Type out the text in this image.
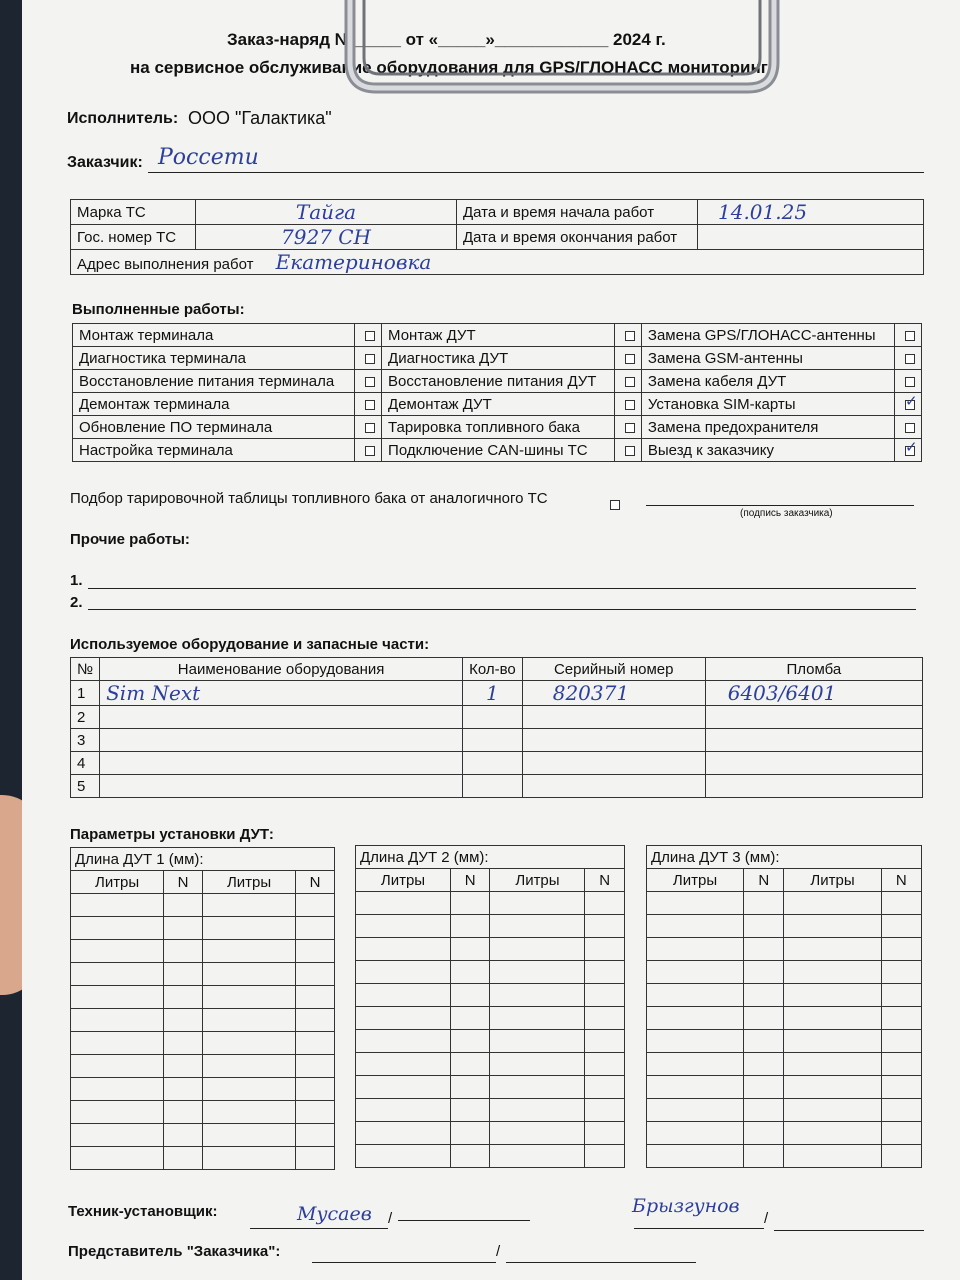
Заказ-наряд №_____ от «_____»____________ 2024 г.
на сервисное обслуживание оборудования для GPS/ГЛОНАСС мониторинга
Исполнитель: ООО "Галактика"
Заказчик: Россети
Марка ТС	Тайга	Дата и время начала работ	14.01.25
Гос. номер ТС	7927 СН	Дата и время окончания работ	
Адрес выполнения работ Екатериновка			
Выполненные работы:
Монтаж терминала		Монтаж ДУТ		Замена GPS/ГЛОНАСС-антенны	
Диагностика терминала		Диагностика ДУТ		Замена GSM-антенны	
Восстановление питания терминала		Восстановление питания ДУТ		Замена кабеля ДУТ	
Демонтаж терминала		Демонтаж ДУТ		Установка SIM-карты	✓
Обновление ПО терминала		Тарировка топливного бака		Замена предохранителя	
Настройка терминала		Подключение CAN-шины ТС		Выезд к заказчику	✓
Подбор тарировочной таблицы топливного бака от аналогичного ТС
(подпись заказчика)
Прочие работы:
1.
2.
Используемое оборудование и запасные части:
№	Наименование оборудования	Кол-во	Серийный номер	Пломба
1	Sim Next	1	820371	6403/6401
2				
3				
4				
5				
Параметры установки ДУТ:
Длина ДУТ 1 (мм):			
Литры	N	Литры	N

Длина ДУТ 2 (мм):			
Литры	N	Литры	N

Длина ДУТ 3 (мм):			
Литры	N	Литры	N

Техник-установщик:	/	/
Мусаев	Брызгунов
Представитель "Заказчика":	/
